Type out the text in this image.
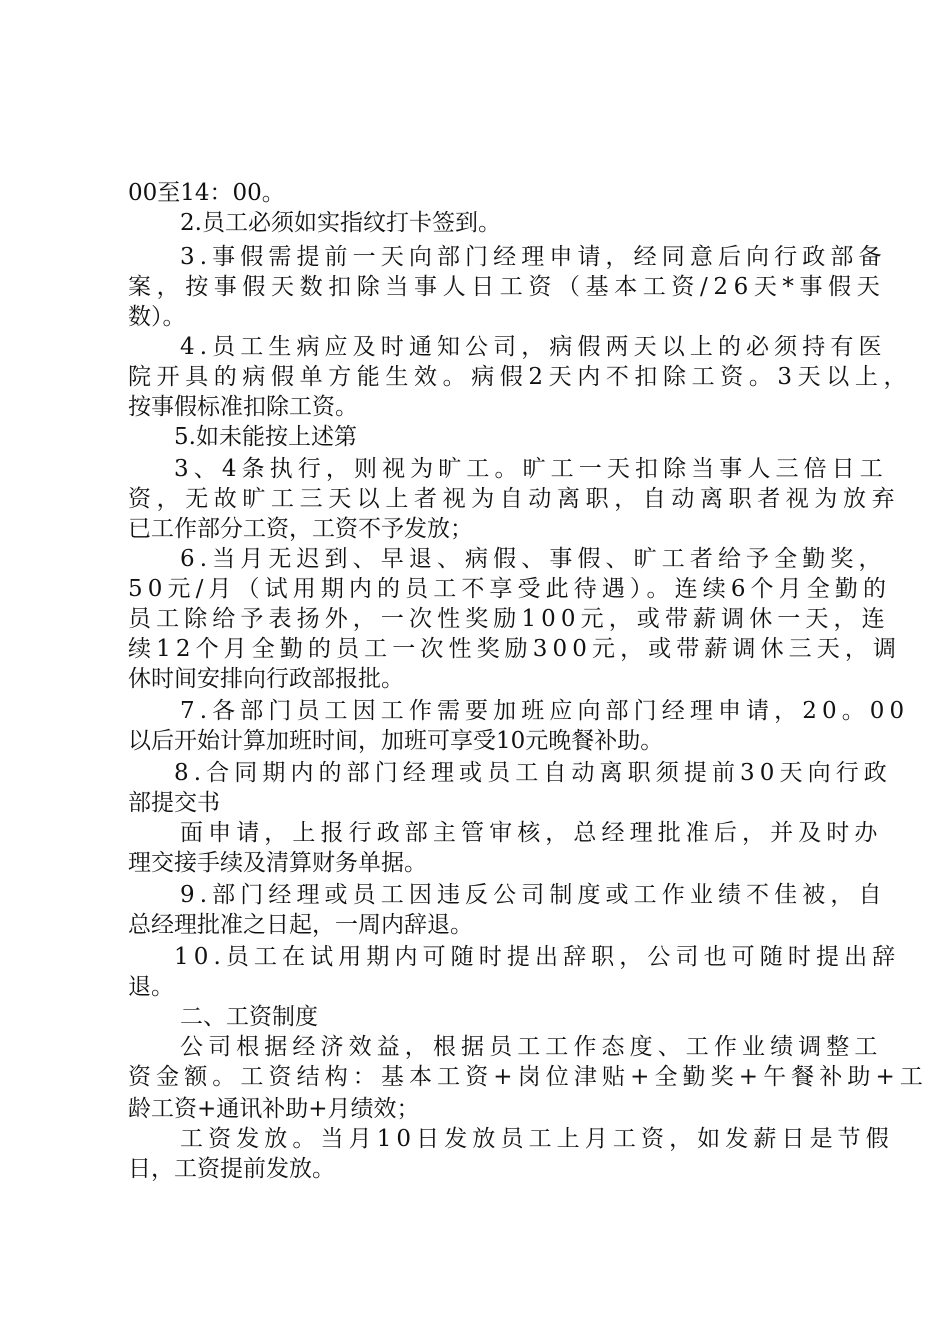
00至14：00。
2.员工必须如实指纹打卡签到。
3.事假需提前一天向部门经理申请，经同意后向行政部备
案，按事假天数扣除当事人日工资（基本工资/26天*事假天
数）。
4.员工生病应及时通知公司，病假两天以上的必须持有医
院开具的病假单方能生效。病假2天内不扣除工资。3天以上，
按事假标准扣除工资。
5.如未能按上述第
3、4条执行，则视为旷工。旷工一天扣除当事人三倍日工
资，无故旷工三天以上者视为自动离职，自动离职者视为放弃
已工作部分工资，工资不予发放；
6.当月无迟到、早退、病假、事假、旷工者给予全勤奖，
50元/月（试用期内的员工不享受此待遇）。连续6个月全勤的
员工除给予表扬外，一次性奖励100元，或带薪调休一天，连
续12个月全勤的员工一次性奖励300元，或带薪调休三天，调
休时间安排向行政部报批。
7.各部门员工因工作需要加班应向部门经理申请，20。00
以后开始计算加班时间，加班可享受10元晚餐补助。
8.合同期内的部门经理或员工自动离职须提前30天向行政
部提交书
面申请，上报行政部主管审核，总经理批准后，并及时办
理交接手续及清算财务单据。
9.部门经理或员工因违反公司制度或工作业绩不佳被，自
总经理批准之日起，一周内辞退。
10.员工在试用期内可随时提出辞职，公司也可随时提出辞
退。
二、工资制度
公司根据经济效益，根据员工工作态度、工作业绩调整工
资金额。工资结构：基本工资+岗位津贴+全勤奖+午餐补助+工
龄工资+通讯补助+月绩效；
工资发放。当月10日发放员工上月工资，如发薪日是节假
日，工资提前发放。
